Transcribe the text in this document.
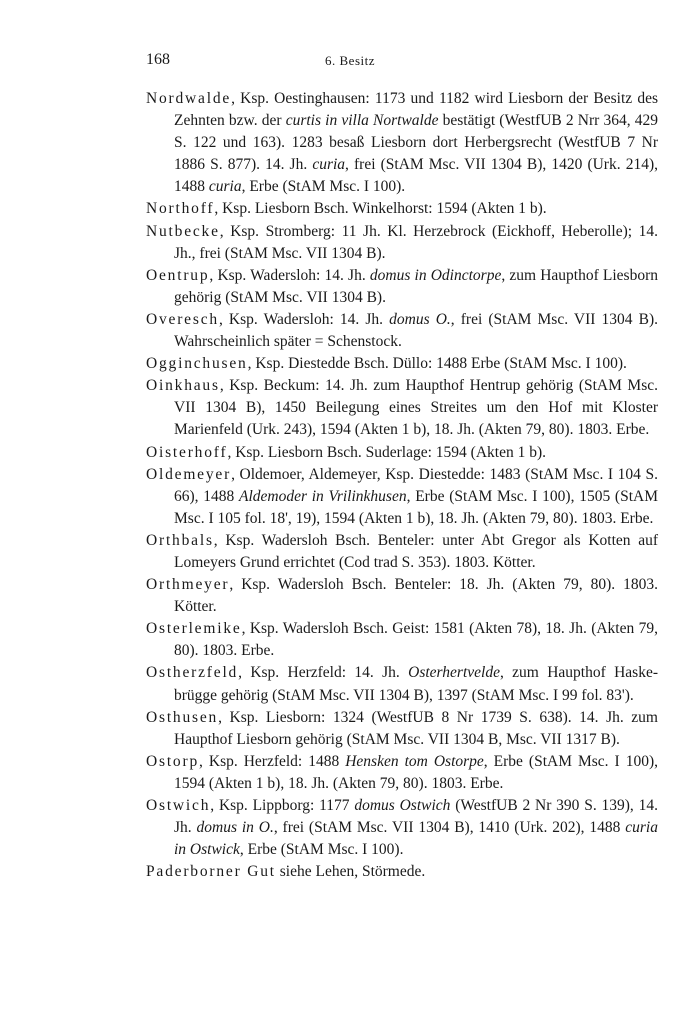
168	6. Besitz

Nordwalde, Ksp. Oestinghausen: 1173 und 1182 wird Liesborn der Besitz des Zehnten bzw. der curtis in villa Nortwalde bestätigt (WestfUB 2 Nrr 364, 429 S. 122 und 163). 1283 besaß Liesborn dort Herbergsrecht (WestfUB 7 Nr 1886 S. 877). 14. Jh. curia, frei (StAM Msc. VII 1304 B), 1420 (Urk. 214), 1488 curia, Erbe (StAM Msc. I 100).

Northoff, Ksp. Liesborn Bsch. Winkelhorst: 1594 (Akten 1 b).

Nutbecke, Ksp. Stromberg: 11 Jh. Kl. Herzebrock (Eickhoff, Heberolle); 14. Jh., frei (StAM Msc. VII 1304 B).

Oentrup, Ksp. Wadersloh: 14. Jh. domus in Odinctorpe, zum Haupthof Liesborn gehörig (StAM Msc. VII 1304 B).

Overesch, Ksp. Wadersloh: 14. Jh. domus O., frei (StAM Msc. VII 1304 B). Wahrscheinlich später = Schenstock.

Ogginchusen, Ksp. Diestedde Bsch. Düllo: 1488 Erbe (StAM Msc. I 100).

Oinkhaus, Ksp. Beckum: 14. Jh. zum Haupthof Hentrup gehörig (StAM Msc. VII 1304 B), 1450 Beilegung eines Streites um den Hof mit Kloster Marienfeld (Urk. 243), 1594 (Akten 1 b), 18. Jh. (Akten 79, 80). 1803. Erbe.

Oisterhoff, Ksp. Liesborn Bsch. Suderlage: 1594 (Akten 1 b).

Oldemeyer, Oldemoer, Aldemeyer, Ksp. Diestedde: 1483 (StAM Msc. I 104 S. 66), 1488 Aldemoder in Vrilinkhusen, Erbe (StAM Msc. I 100), 1505 (StAM Msc. I 105 fol. 18', 19), 1594 (Akten 1 b), 18. Jh. (Akten 79, 80). 1803. Erbe.

Orthbals, Ksp. Wadersloh Bsch. Benteler: unter Abt Gregor als Kotten auf Lomeyers Grund errichtet (Cod trad S. 353). 1803. Kötter.

Orthmeyer, Ksp. Wadersloh Bsch. Benteler: 18. Jh. (Akten 79, 80). 1803. Kötter.

Osterlemike, Ksp. Wadersloh Bsch. Geist: 1581 (Akten 78), 18. Jh. (Akten 79, 80). 1803. Erbe.

Ostherzfeld, Ksp. Herzfeld: 14. Jh. Osterhertvelde, zum Haupthof Haskebrügge gehörig (StAM Msc. VII 1304 B), 1397 (StAM Msc. I 99 fol. 83').

Osthusen, Ksp. Liesborn: 1324 (WestfUB 8 Nr 1739 S. 638). 14. Jh. zum Haupthof Liesborn gehörig (StAM Msc. VII 1304 B, Msc. VII 1317 B).

Ostorp, Ksp. Herzfeld: 1488 Hensken tom Ostorpe, Erbe (StAM Msc. I 100), 1594 (Akten 1 b), 18. Jh. (Akten 79, 80). 1803. Erbe.

Ostwich, Ksp. Lippborg: 1177 domus Ostwich (WestfUB 2 Nr 390 S. 139), 14. Jh. domus in O., frei (StAM Msc. VII 1304 B), 1410 (Urk. 202), 1488 curia in Ostwick, Erbe (StAM Msc. I 100).

Paderborner Gut siehe Lehen, Störmede.
